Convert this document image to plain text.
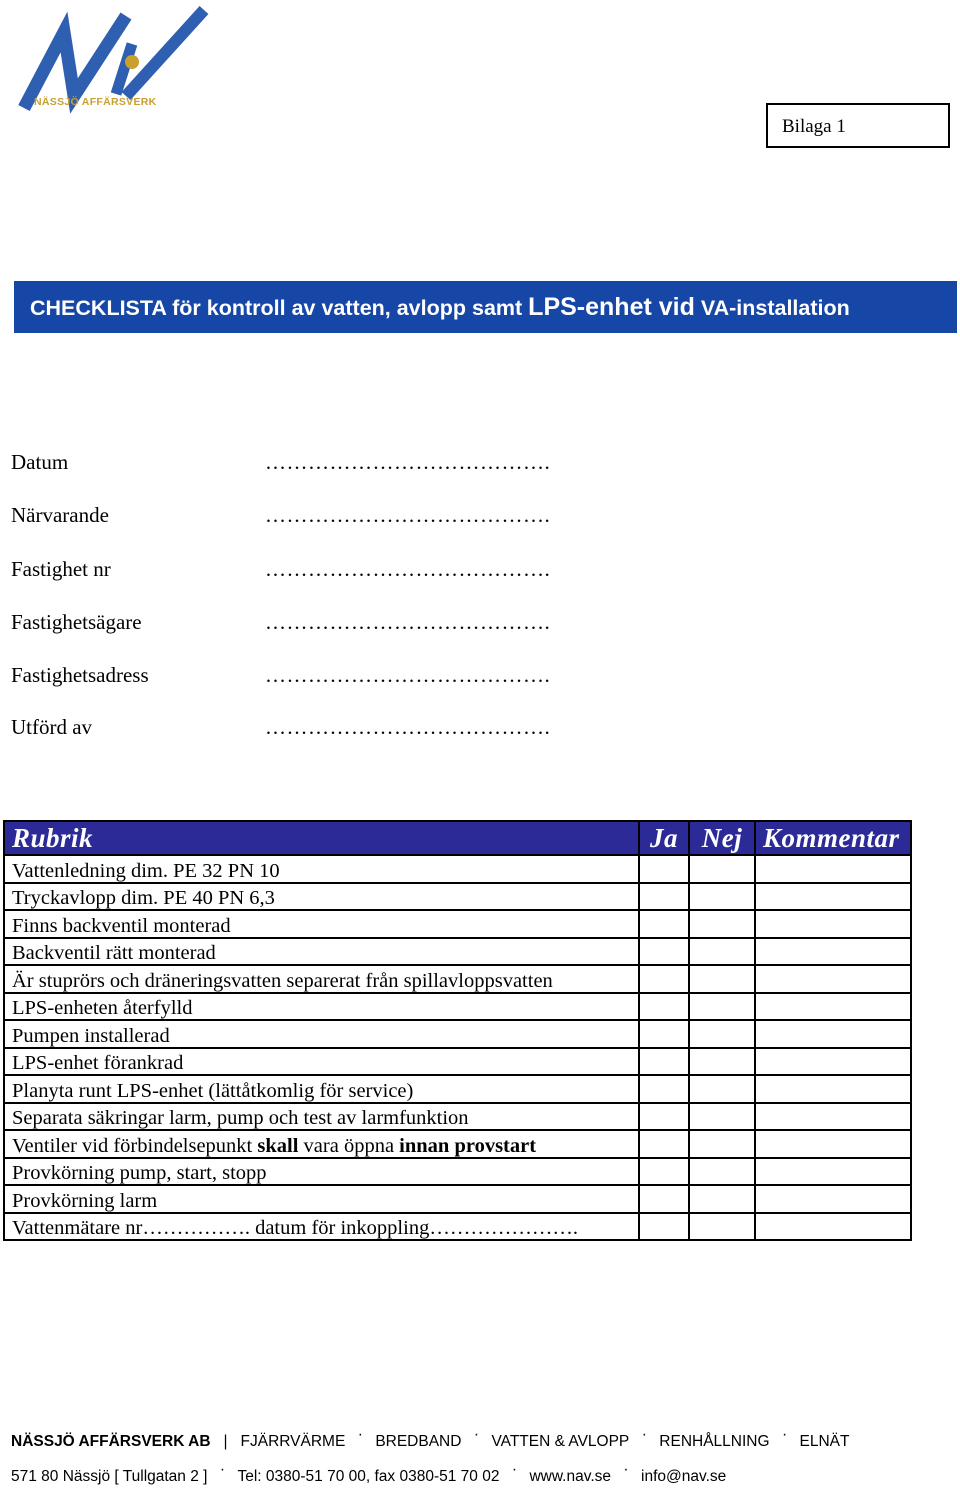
NÄSSJÖ AFFÄRSVERK
Bilaga 1
CHECKLISTA för kontroll av vatten, avlopp samt LPS-enhet vid VA-installation
Datum	………………………………….
Närvarande	………………………………….
Fastighet nr	………………………………….
Fastighetsägare	………………………………….
Fastighetsadress	………………………………….
Utförd av	………………………………….
Rubrik	Ja	Nej	Kommentar
Vattenledning dim. PE 32 PN 10			
Tryckavlopp dim. PE 40 PN 6,3			
Finns backventil monterad			
Backventil rätt monterad			
Är stuprörs och dräneringsvatten separerat från spillavloppsvatten			
LPS-enheten återfylld			
Pumpen installerad			
LPS-enhet förankrad			
Planyta runt LPS-enhet (lättåtkomlig för service)			
Separata säkringar larm, pump och test av larmfunktion			
Ventiler vid förbindelsepunkt skall vara öppna innan provstart			
Provkörning pump, start, stopp			
Provkörning larm			
Vattenmätare nr……………. datum för inkoppling………………….			
NÄSSJÖ AFFÄRSVERK AB | FJÄRRVÄRME · BREDBAND · VATTEN & AVLOPP · RENHÅLLNING · ELNÄT
571 80 Nässjö [ Tullgatan 2 ] · Tel: 0380-51 70 00, fax 0380-51 70 02 · www.nav.se · info@nav.se
